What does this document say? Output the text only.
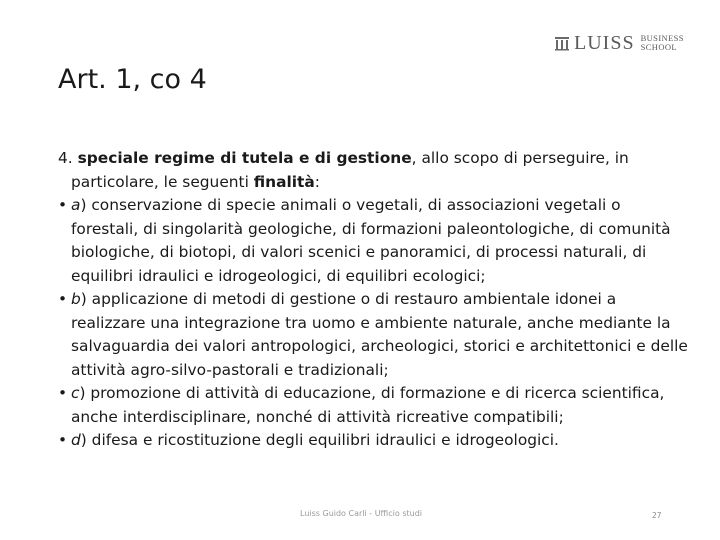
LUISS BUSINESS
SCHOOL
Art. 1, co 4

4. speciale regime di tutela e di gestione, allo scopo di perseguire, in particolare, le seguenti finalità:

• a) conservazione di specie animali o vegetali, di associazioni vegetali o forestali, di singolarità geologiche, di formazioni paleontologiche, di comunità biologiche, di biotopi, di valori scenici e panoramici, di processi naturali, di equilibri idraulici e idrogeologici, di equilibri ecologici;

• b) applicazione di metodi di gestione o di restauro ambientale idonei a realizzare una integrazione tra uomo e ambiente naturale, anche mediante la salvaguardia dei valori antropologici, archeologici, storici e architettonici e delle attività agro-silvo-pastorali e tradizionali;

• c) promozione di attività di educazione, di formazione e di ricerca scientifica, anche interdisciplinare, nonché di attività ricreative compatibili;

• d) difesa e ricostituzione degli equilibri idraulici e idrogeologici.

Luiss Guido Carli - Ufficio studi	27
